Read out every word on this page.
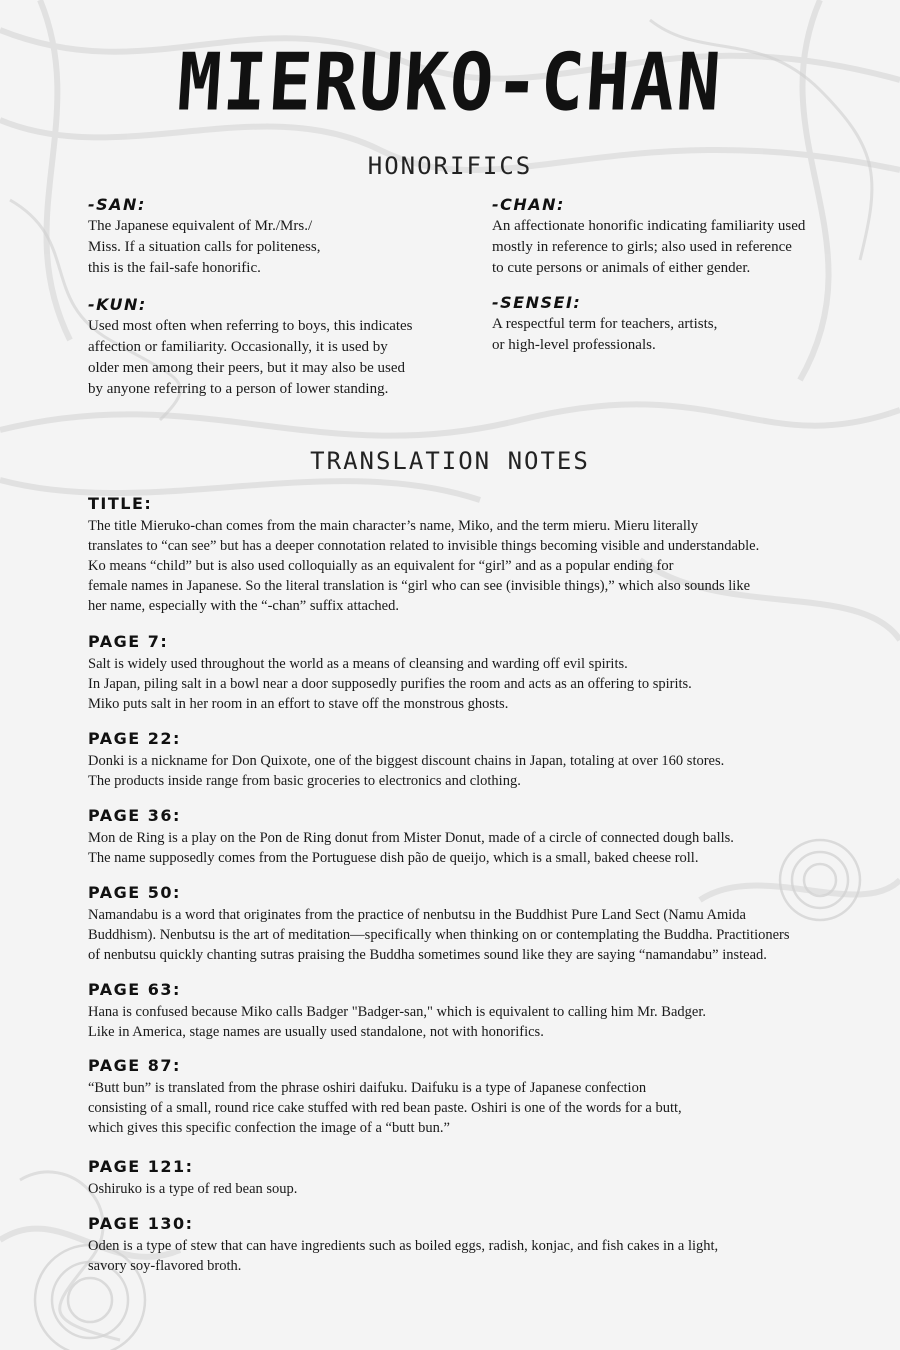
MIERUKO-CHAN
HONORIFICS
-SAN:
The Japanese equivalent of Mr./Mrs./
Miss. If a situation calls for politeness,
this is the fail-safe honorific.
-KUN:
Used most often when referring to boys, this indicates
affection or familiarity. Occasionally, it is used by
older men among their peers, but it may also be used
by anyone referring to a person of lower standing.
-CHAN:
An affectionate honorific indicating familiarity used
mostly in reference to girls; also used in reference
to cute persons or animals of either gender.
-SENSEI:
A respectful term for teachers, artists,
or high-level professionals.
TRANSLATION NOTES
TITLE:

The title Mieruko-chan comes from the main character’s name, Miko, and the term mieru. Mieru literally
translates to “can see” but has a deeper connotation related to invisible things becoming visible and understandable.
Ko means “child” but is also used colloquially as an equivalent for “girl” and as a popular ending for
female names in Japanese. So the literal translation is “girl who can see (invisible things),” which also sounds like
her name, especially with the “-chan” suffix attached.

PAGE 7:

Salt is widely used throughout the world as a means of cleansing and warding off evil spirits.
In Japan, piling salt in a bowl near a door supposedly purifies the room and acts as an offering to spirits.
Miko puts salt in her room in an effort to stave off the monstrous ghosts.

PAGE 22:

Donki is a nickname for Don Quixote, one of the biggest discount chains in Japan, totaling at over 160 stores.
The products inside range from basic groceries to electronics and clothing.

PAGE 36:

Mon de Ring is a play on the Pon de Ring donut from Mister Donut, made of a circle of connected dough balls.
The name supposedly comes from the Portuguese dish pão de queijo, which is a small, baked cheese roll.

PAGE 50:

Namandabu is a word that originates from the practice of nenbutsu in the Buddhist Pure Land Sect (Namu Amida
Buddhism). Nenbutsu is the art of meditation—specifically when thinking on or contemplating the Buddha. Practitioners
of nenbutsu quickly chanting sutras praising the Buddha sometimes sound like they are saying “namandabu” instead.

PAGE 63:

Hana is confused because Miko calls Badger "Badger-san," which is equivalent to calling him Mr. Badger.
Like in America, stage names are usually used standalone, not with honorifics.

PAGE 87:

“Butt bun” is translated from the phrase oshiri daifuku. Daifuku is a type of Japanese confection
consisting of a small, round rice cake stuffed with red bean paste. Oshiri is one of the words for a butt,
which gives this specific confection the image of a “butt bun.”

PAGE 121:

Oshiruko is a type of red bean soup.

PAGE 130:

Oden is a type of stew that can have ingredients such as boiled eggs, radish, konjac, and fish cakes in a light,
savory soy-flavored broth.
